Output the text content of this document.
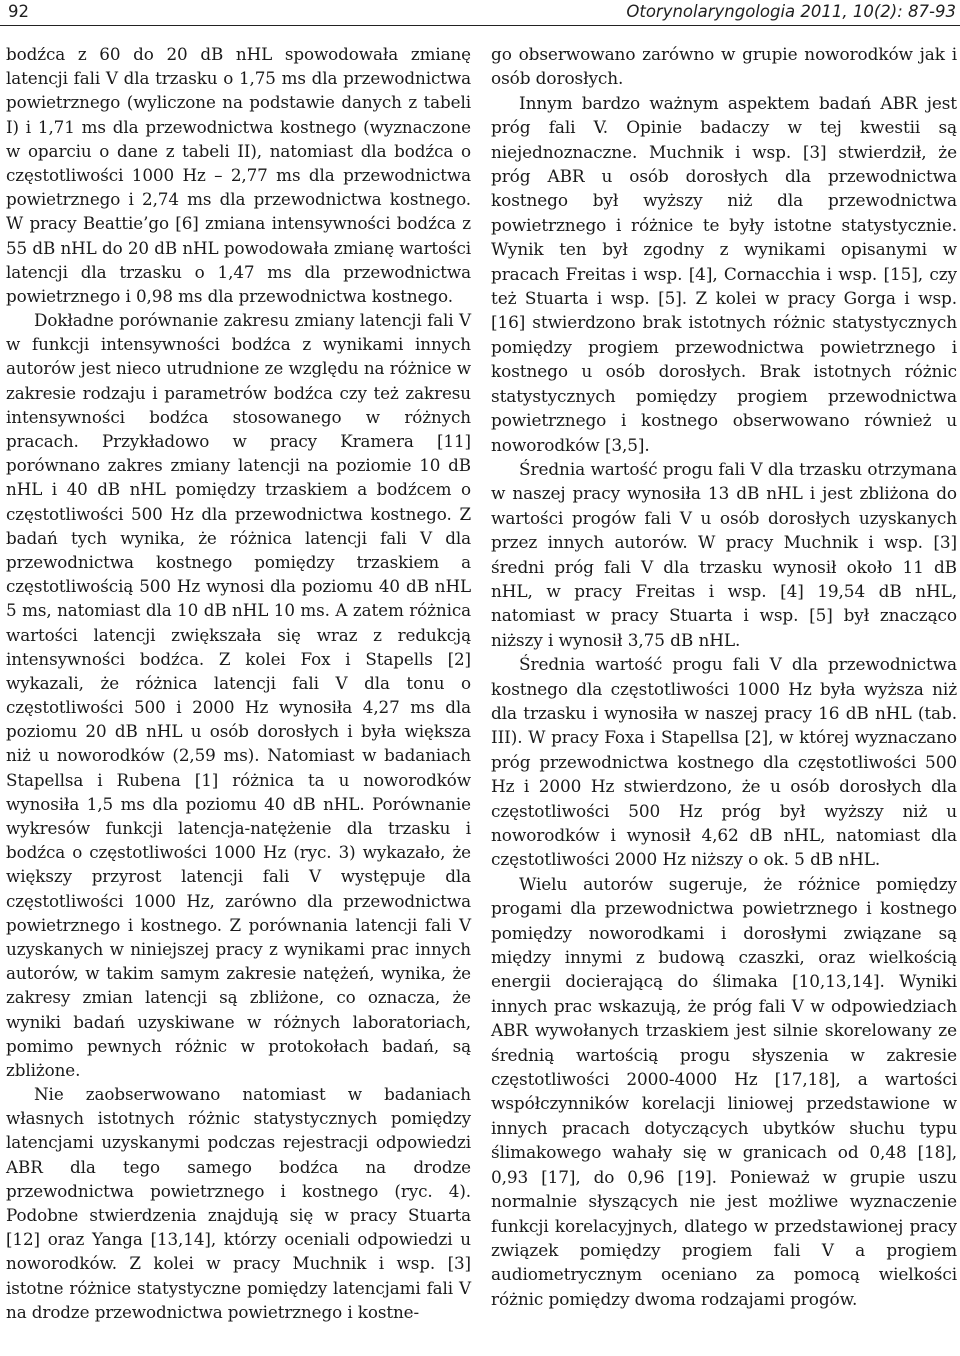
92	Otorynolaryngologia 2011, 10(2): 87-93

bodźca z 60 do 20 dB nHL spowodowała zmianę latencji fali V dla trzasku o 1,75 ms dla przewodnictwa powietrznego (wyliczone na podstawie danych z tabeli I) i 1,71 ms dla przewodnictwa kostnego (wyznaczone w oparciu o dane z tabeli II), natomiast dla bodźca o częstotliwości 1000 Hz – 2,77 ms dla przewodnictwa powietrznego i 2,74 ms dla przewodnictwa kostnego. W pracy Beattie’go [6] zmiana intensywności bodźca z 55 dB nHL do 20 dB nHL powodowała zmianę wartości latencji dla trzasku o 1,47 ms dla przewodnictwa powietrznego i 0,98 ms dla przewodnictwa kostnego.

Dokładne porównanie zakresu zmiany latencji fali V w funkcji intensywności bodźca z wynikami innych autorów jest nieco utrudnione ze względu na różnice w zakresie rodzaju i parametrów bodźca czy też zakresu intensywności bodźca stosowanego w różnych pracach. Przykładowo w pracy Kramera [11] porównano zakres zmiany latencji na poziomie 10 dB nHL i 40 dB nHL pomiędzy trzaskiem a bodźcem o częstotliwości 500 Hz dla przewodnictwa kostnego. Z badań tych wynika, że różnica latencji fali V dla przewodnictwa kostnego pomiędzy trzaskiem a częstotliwością 500 Hz wynosi dla poziomu 40 dB nHL 5 ms, natomiast dla 10 dB nHL 10 ms. A zatem różnica wartości latencji zwiększała się wraz z redukcją intensywności bodźca. Z kolei Fox i Stapells [2] wykazali, że różnica latencji fali V dla tonu o częstotliwości 500 i 2000 Hz wynosiła 4,27 ms dla poziomu 20 dB nHL u osób dorosłych i była większa niż u noworodków (2,59 ms). Natomiast w badaniach Stapellsa i Rubena [1] różnica ta u noworodków wynosiła 1,5 ms dla poziomu 40 dB nHL. Porównanie wykresów funkcji latencja-natężenie dla trzasku i bodźca o częstotliwości 1000 Hz (ryc. 3) wykazało, że większy przyrost latencji fali V występuje dla częstotliwości 1000 Hz, zarówno dla przewodnictwa powietrznego i kostnego. Z porównania latencji fali V uzyskanych w niniejszej pracy z wynikami prac innych autorów, w takim samym zakresie natężeń, wynika, że zakresy zmian latencji są zbliżone, co oznacza, że wyniki badań uzyskiwane w różnych laboratoriach, pomimo pewnych różnic w protokołach badań, są zbliżone.

Nie zaobserwowano natomiast w badaniach własnych istotnych różnic statystycznych pomiędzy latencjami uzyskanymi podczas rejestracji odpowiedzi ABR dla tego samego bodźca na drodze przewodnictwa powietrznego i kostnego (ryc. 4). Podobne stwierdzenia znajdują się w pracy Stuarta [12] oraz Yanga [13,14], którzy oceniali odpowiedzi u noworodków. Z kolei w pracy Muchnik i wsp. [3] istotne różnice statystyczne pomiędzy latencjami fali V na drodze przewodnictwa powietrznego i kostne-

go obserwowano zarówno w grupie noworodków jak i osób dorosłych.

Innym bardzo ważnym aspektem badań ABR jest próg fali V. Opinie badaczy w tej kwestii są niejednoznaczne. Muchnik i wsp. [3] stwierdził, że próg ABR u osób dorosłych dla przewodnictwa kostnego był wyższy niż dla przewodnictwa powietrznego i różnice te były istotne statystycznie. Wynik ten był zgodny z wynikami opisanymi w pracach Freitas i wsp. [4], Cornacchia i wsp. [15], czy też Stuarta i wsp. [5]. Z kolei w pracy Gorga i wsp. [16] stwierdzono brak istotnych różnic statystycznych pomiędzy progiem przewodnictwa powietrznego i kostnego u osób dorosłych. Brak istotnych różnic statystycznych pomiędzy progiem przewodnictwa powietrznego i kostnego obserwowano również u noworodków [3,5].

Średnia wartość progu fali V dla trzasku otrzymana w naszej pracy wynosiła 13 dB nHL i jest zbliżona do wartości progów fali V u osób dorosłych uzyskanych przez innych autorów. W pracy Muchnik i wsp. [3] średni próg fali V dla trzasku wynosił około 11 dB nHL, w pracy Freitas i wsp. [4] 19,54 dB nHL, natomiast w pracy Stuarta i wsp. [5] był znacząco niższy i wynosił 3,75 dB nHL.

Średnia wartość progu fali V dla przewodnictwa kostnego dla częstotliwości 1000 Hz była wyższa niż dla trzasku i wynosiła w naszej pracy 16 dB nHL (tab. III). W pracy Foxa i Stapellsa [2], w której wyznaczano próg przewodnictwa kostnego dla częstotliwości 500 Hz i 2000 Hz stwierdzono, że u osób dorosłych dla częstotliwości 500 Hz próg był wyższy niż u noworodków i wynosił 4,62 dB nHL, natomiast dla częstotliwości 2000 Hz niższy o ok. 5 dB nHL.

Wielu autorów sugeruje, że różnice pomiędzy progami dla przewodnictwa powietrznego i kostnego pomiędzy noworodkami i dorosłymi związane są między innymi z budową czaszki, oraz wielkością energii docierającą do ślimaka [10,13,14]. Wyniki innych prac wskazują, że próg fali V w odpowiedziach ABR wywołanych trzaskiem jest silnie skorelowany ze średnią wartością progu słyszenia w zakresie częstotliwości 2000-4000 Hz [17,18], a wartości współczynników korelacji liniowej przedstawione w innych pracach dotyczących ubytków słuchu typu ślimakowego wahały się w granicach od 0,48 [18], 0,93 [17], do 0,96 [19]. Ponieważ w grupie uszu normalnie słyszących nie jest możliwe wyznaczenie funkcji korelacyjnych, dlatego w przedstawionej pracy związek pomiędzy progiem fali V a progiem audiometrycznym oceniano za pomocą wielkości różnic pomiędzy dwoma rodzajami progów.
